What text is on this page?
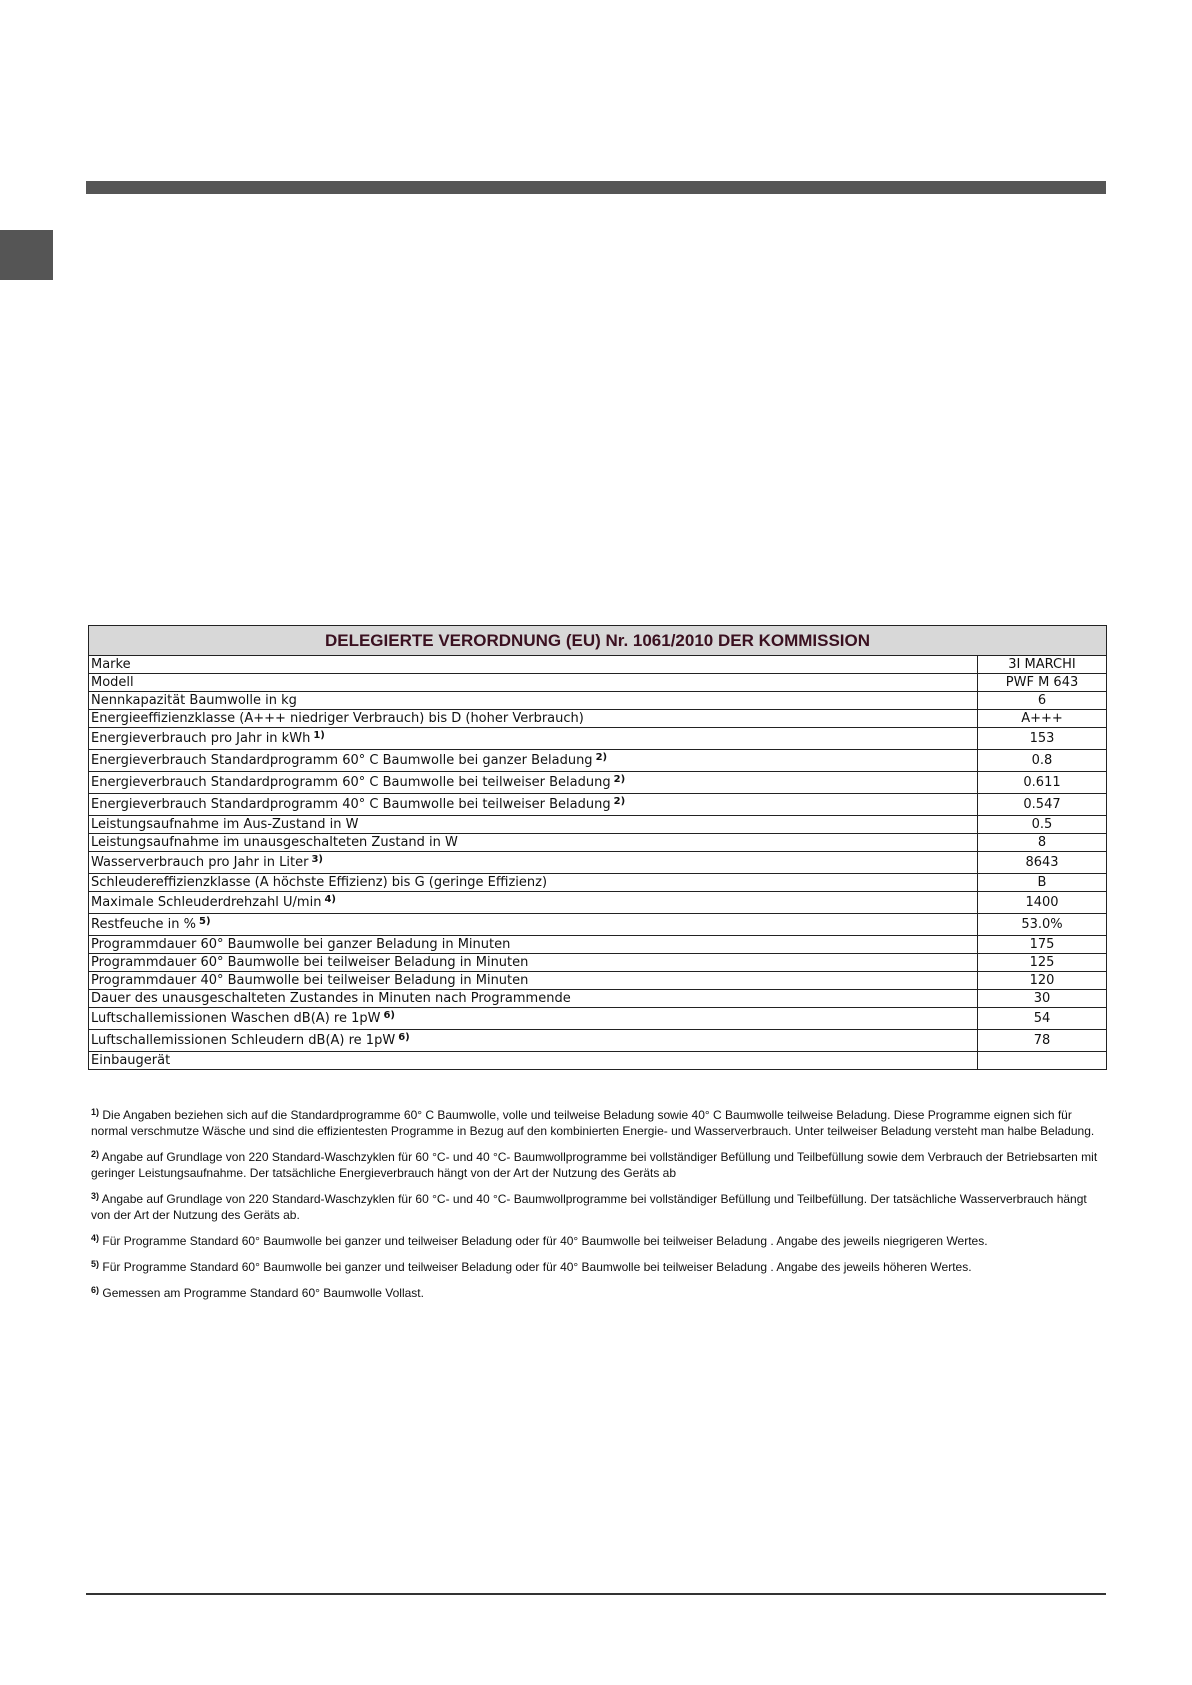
DELEGIERTE VERORDNUNG (EU) Nr. 1061/2010 DER KOMMISSION	
Marke	3I MARCHI
Modell	PWF M 643
Nennkapazität Baumwolle in kg	6
Energieeffizienzklasse (A+++ niedriger Verbrauch) bis D (hoher Verbrauch)	A+++
Energieverbrauch pro Jahr in kWh $^{1)}$	153
Energieverbrauch Standardprogramm 60° C Baumwolle bei ganzer Beladung $^{2)}$	0.8
Energieverbrauch Standardprogramm 60° C Baumwolle bei teilweiser Beladung $^{2)}$	0.611
Energieverbrauch Standardprogramm 40° C Baumwolle bei teilweiser Beladung $^{2)}$	0.547
Leistungsaufnahme im Aus-Zustand in W	0.5
Leistungsaufnahme im unausgeschalteten Zustand in W	8
Wasserverbrauch pro Jahr in Liter $^{3)}$	8643
Schleudereffizienzklasse (A höchste Effizienz) bis G (geringe Effizienz)	B
Maximale Schleuderdrehzahl U/min $^{4)}$	1400
Restfeuche in % $^{5)}$	53.0%
Programmdauer 60° Baumwolle bei ganzer Beladung in Minuten	175
Programmdauer 60° Baumwolle bei teilweiser Beladung in Minuten	125
Programmdauer 40° Baumwolle bei teilweiser Beladung in Minuten	120
Dauer des unausgeschalteten Zustandes in Minuten nach Programmende	30
Luftschallemissionen Waschen dB(A) re 1pW $^{6)}$	54
Luftschallemissionen Schleudern dB(A) re 1pW $^{6)}$	78
Einbaugerät	

$^{1)}$ Die Angaben beziehen sich auf die Standardprogramme 60° C Baumwolle, volle und teilweise Beladung sowie 40° C Baumwolle teilweise Beladung. Diese Programme eignen sich für normal verschmutze Wäsche und sind die effizientesten Programme in Bezug auf den kombinierten Energie- und Wasserverbrauch. Unter teilweiser Beladung versteht man halbe Beladung.

$^{2)}$ Angabe auf Grundlage von 220 Standard-Waschzyklen für 60 °C- und 40 °C- Baumwollprogramme bei vollständiger Befüllung und Teilbefüllung sowie dem Verbrauch der Betriebsarten mit geringer Leistungsaufnahme. Der tatsächliche Energieverbrauch hängt von der Art der Nutzung des Geräts ab

$^{3)}$ Angabe auf Grundlage von 220 Standard-Waschzyklen für 60 °C- und 40 °C- Baumwollprogramme bei vollständiger Befüllung und Teilbefüllung. Der tatsächliche Wasserverbrauch hängt von der Art der Nutzung des Geräts ab.

$^{4)}$ Für Programme Standard 60° Baumwolle bei ganzer und teilweiser Beladung oder für 40° Baumwolle bei teilweiser Beladung . Angabe des jeweils niegrigeren Wertes.

$^{5)}$ Für Programme Standard 60° Baumwolle bei ganzer und teilweiser Beladung oder für 40° Baumwolle bei teilweiser Beladung . Angabe des jeweils höheren Wertes.

$^{6)}$ Gemessen am Programme Standard 60° Baumwolle Vollast.
